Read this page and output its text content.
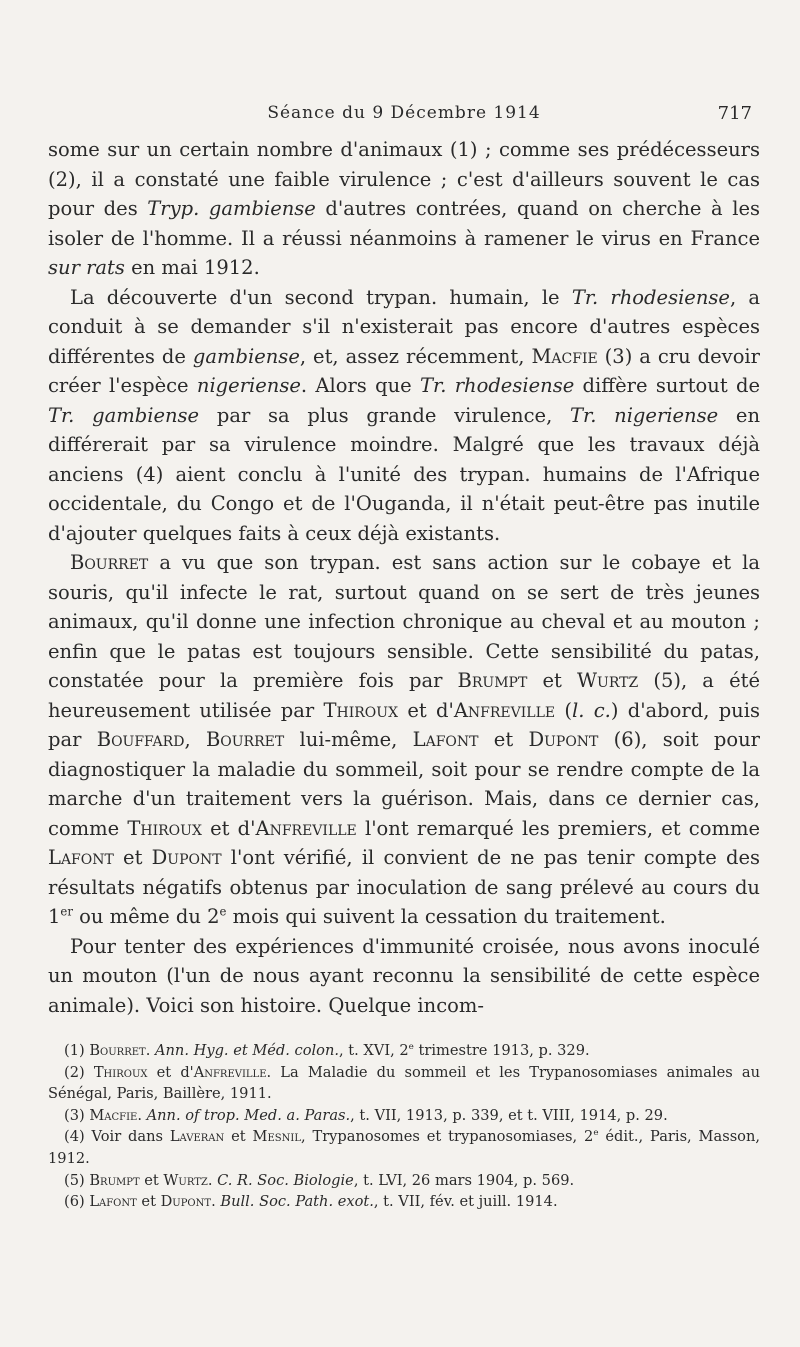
Séance du 9 Décembre 1914	717

some sur un certain nombre d'animaux (1) ; comme ses prédécesseurs (2), il a constaté une faible virulence ; c'est d'ailleurs souvent le cas pour des Tryp. gambiense d'autres contrées, quand on cherche à les isoler de l'homme. Il a réussi néanmoins à ramener le virus en France sur rats en mai 1912.

La découverte d'un second trypan. humain, le Tr. rhodesiense, a conduit à se demander s'il n'existerait pas encore d'autres espèces différentes de gambiense, et, assez récemment, Macfie (3) a cru devoir créer l'espèce nigeriense. Alors que Tr. rhodesiense diffère surtout de Tr. gambiense par sa plus grande virulence, Tr. nigeriense en différerait par sa virulence moindre. Malgré que les travaux déjà anciens (4) aient conclu à l'unité des trypan. humains de l'Afrique occidentale, du Congo et de l'Ouganda, il n'était peut-être pas inutile d'ajouter quelques faits à ceux déjà existants.

Bourret a vu que son trypan. est sans action sur le cobaye et la souris, qu'il infecte le rat, surtout quand on se sert de très jeunes animaux, qu'il donne une infection chronique au cheval et au mouton ; enfin que le patas est toujours sensible. Cette sensibilité du patas, constatée pour la première fois par Brumpt et Wurtz (5), a été heureusement utilisée par Thiroux et d'Anfreville (l. c.) d'abord, puis par Bouffard, Bourret lui-même, Lafont et Dupont (6), soit pour diagnostiquer la maladie du sommeil, soit pour se rendre compte de la marche d'un traitement vers la guérison. Mais, dans ce dernier cas, comme Thiroux et d'Anfreville l'ont remarqué les premiers, et comme Lafont et Dupont l'ont vérifié, il convient de ne pas tenir compte des résultats négatifs obtenus par inoculation de sang prélevé au cours du 1er ou même du 2e mois qui suivent la cessation du traitement.

Pour tenter des expériences d'immunité croisée, nous avons inoculé un mouton (l'un de nous ayant reconnu la sensibilité de cette espèce animale). Voici son histoire. Quelque incom-

(1) Bourret. Ann. Hyg. et Méd. colon., t. XVI, 2e trimestre 1913, p. 329.

(2) Thiroux et d'Anfreville. La Maladie du sommeil et les Trypanosomiases animales au Sénégal, Paris, Baillère, 1911.

(3) Macfie. Ann. of trop. Med. a. Paras., t. VII, 1913, p. 339, et t. VIII, 1914, p. 29.

(4) Voir dans Laveran et Mesnil, Trypanosomes et trypanosomiases, 2e édit., Paris, Masson, 1912.

(5) Brumpt et Wurtz. C. R. Soc. Biologie, t. LVI, 26 mars 1904, p. 569.

(6) Lafont et Dupont. Bull. Soc. Path. exot., t. VII, fév. et juill. 1914.
